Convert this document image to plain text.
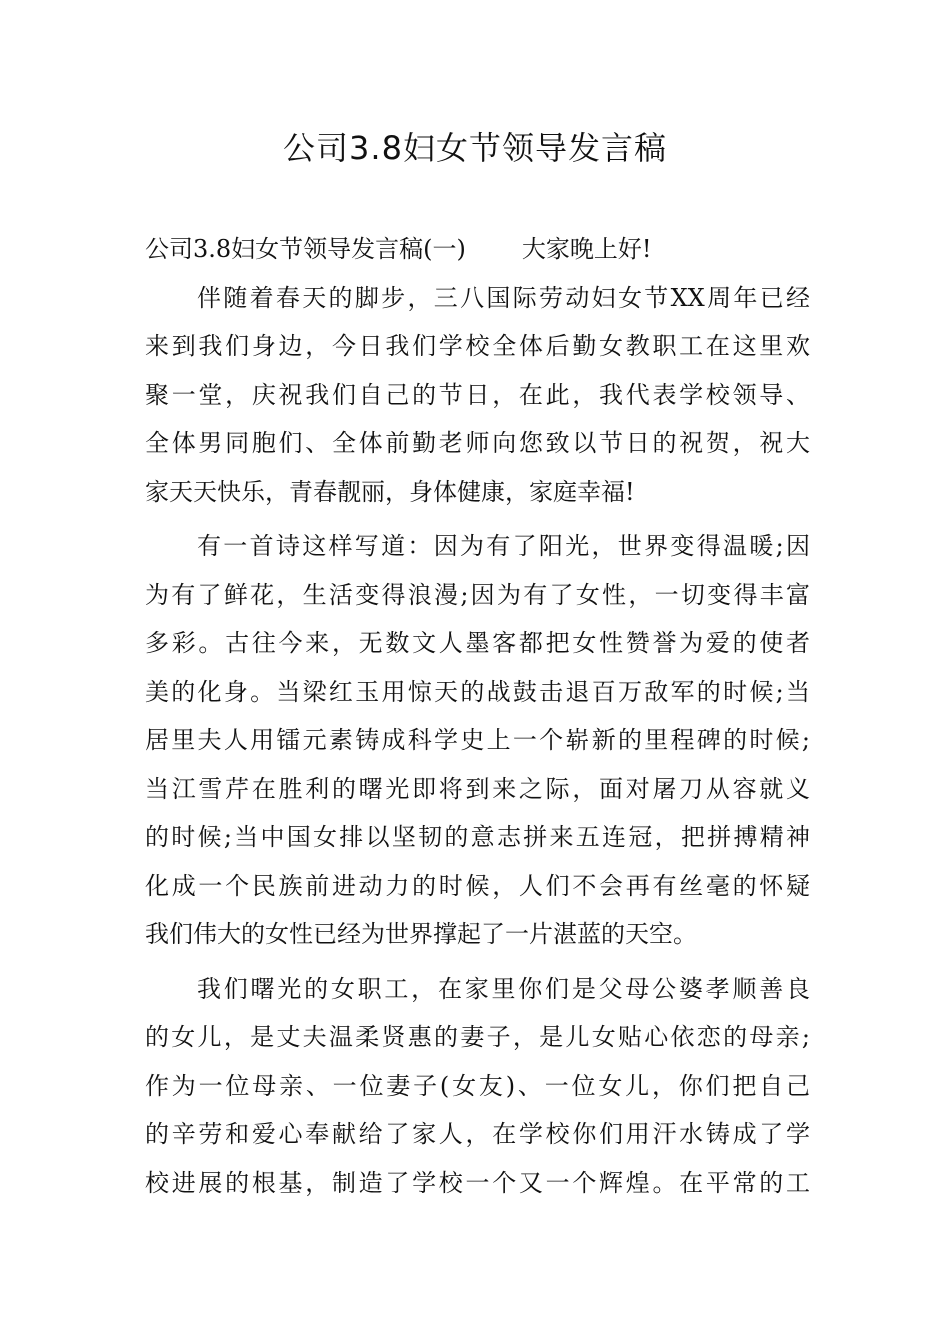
公司3.8妇女节领导发言稿
公司3.8妇女节领导发言稿(一) 大家晚上好!
伴随着春天的脚步，三八国际劳动妇女节XX周年已经
来到我们身边，今日我们学校全体后勤女教职工在这里欢
聚一堂，庆祝我们自己的节日，在此，我代表学校领导、
全体男同胞们、全体前勤老师向您致以节日的祝贺，祝大
家天天快乐，青春靓丽，身体健康，家庭幸福!
有一首诗这样写道：因为有了阳光，世界变得温暖;因
为有了鲜花，生活变得浪漫;因为有了女性，一切变得丰富
多彩。古往今来，无数文人墨客都把女性赞誉为爱的使者
美的化身。当梁红玉用惊天的战鼓击退百万敌军的时候;当
居里夫人用镭元素铸成科学史上一个崭新的里程碑的时候;
当江雪芹在胜利的曙光即将到来之际，面对屠刀从容就义
的时候;当中国女排以坚韧的意志拼来五连冠，把拼搏精神
化成一个民族前进动力的时候，人们不会再有丝毫的怀疑
我们伟大的女性已经为世界撑起了一片湛蓝的天空。
我们曙光的女职工，在家里你们是父母公婆孝顺善良
的女儿，是丈夫温柔贤惠的妻子，是儿女贴心依恋的母亲;
作为一位母亲、一位妻子(女友)、一位女儿，你们把自己
的辛劳和爱心奉献给了家人，在学校你们用汗水铸成了学
校进展的根基，制造了学校一个又一个辉煌。在平常的工
